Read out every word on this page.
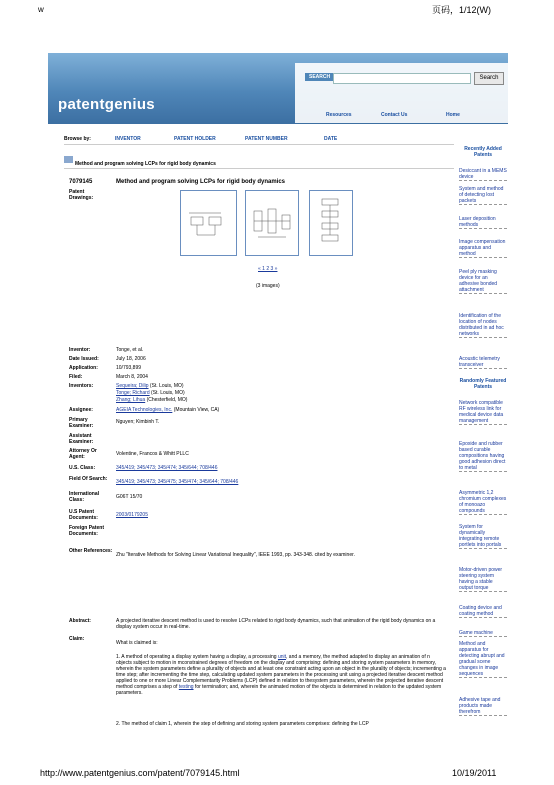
w	页码，1/12(W)
SEARCH	Search
patentgenius
Resources	Contact Us	Home
Browse by:	INVENTOR	PATENT HOLDER	PATENT NUMBER	DATE
Method and program solving LCPs for rigid body dynamics
7079145	Method and program solving LCPs for rigid body dynamics
Patent Drawings:
« 1 2 3 »
(3 images)
Inventor:	Tonge, et al.
Date Issued:	July 18, 2006
Application:	10/793,899
Filed:	March 8, 2004
Inventors:	Sequeira; Dilip (St. Louis, MO)
Tonge; Richard (St. Louis, MO)
Zhang; Lihua (Chesterfield, MO)
Assignee:	AGEIA Technologies, Inc. (Mountain View, CA)
Primary Examiner:
Nguyen; Kimbinh T.
Assistant Examiner:
Attorney Or Agent:	Volentine, Francos & Whitt PLLC
U.S. Class:	345/419; 345/473; 345/474; 345/644; 708/446
Field Of Search:	345/419; 345/473; 345/475; 345/474; 345/644; 708/446
International Class:	G06T 15/70
U.S Patent Documents:	2003/0179205
Foreign Patent Documents:
Other References:
Zhu "Iterative Methods for Solving Linear Variational Inequality", IEEE 1993, pp. 343-348. cited by examiner.
Abstract:	A projected iterative descent method is used to resolve LCPs related to rigid body dynamics, such that animation of the rigid body dynamics on a display system occur in real-time.
Claim:
What is claimed is:
1. A method of operating a display system having a display, a processing unit, and a memory, the method adapted to display an animation of n objects subject to motion in mconstrained degrees of freedom on the display and comprising: defining and storing system parameters in memory, wherein the system parameters define a plurality of objects and at least one constraint acting upon an object in the plurality of objects; incrementing a time step; after incrementing the time step, calculating updated system parameters in the processing unit using a projected iterative descent method applied to one or more Linear Complementarity Problems (LCP) defined in relation to thesystem parameters, wherein the projected iterative descent method comprises a step of testing for termination; and, wherein the animated motion of the objects is determined in relation to the updated system parameters.
2. The method of claim 1, wherein the step of defining and storing system parameters comprises: defining the LCP
Recently Added Patents
Desiccant in a MEMS device
System and method of detecting lost packets
Laser deposition methods
Image compensation apparatus and method
Peel ply masking device for an adhesive bonded attachment
Identification of the location of nodes distributed in ad hoc networks
Acoustic telemetry transceiver
Randomly Featured Patents
Network compatible RF wireless link for medical device data management
Epoxide and rubber based curable compositions having good adhesion direct to metal
Asymmetric 1,2 chromium complexes of monoazo compounds
System for dynamically integrating remote portlets into portals
Motor-driven power steering system having a stable output torque
Coating device and coating method
Game machine
Method and apparatus for detecting abrupt and gradual scene changes in image sequences
Adhesive tape and products made therefrom
http://www.patentgenius.com/patent/7079145.html	10/19/2011
